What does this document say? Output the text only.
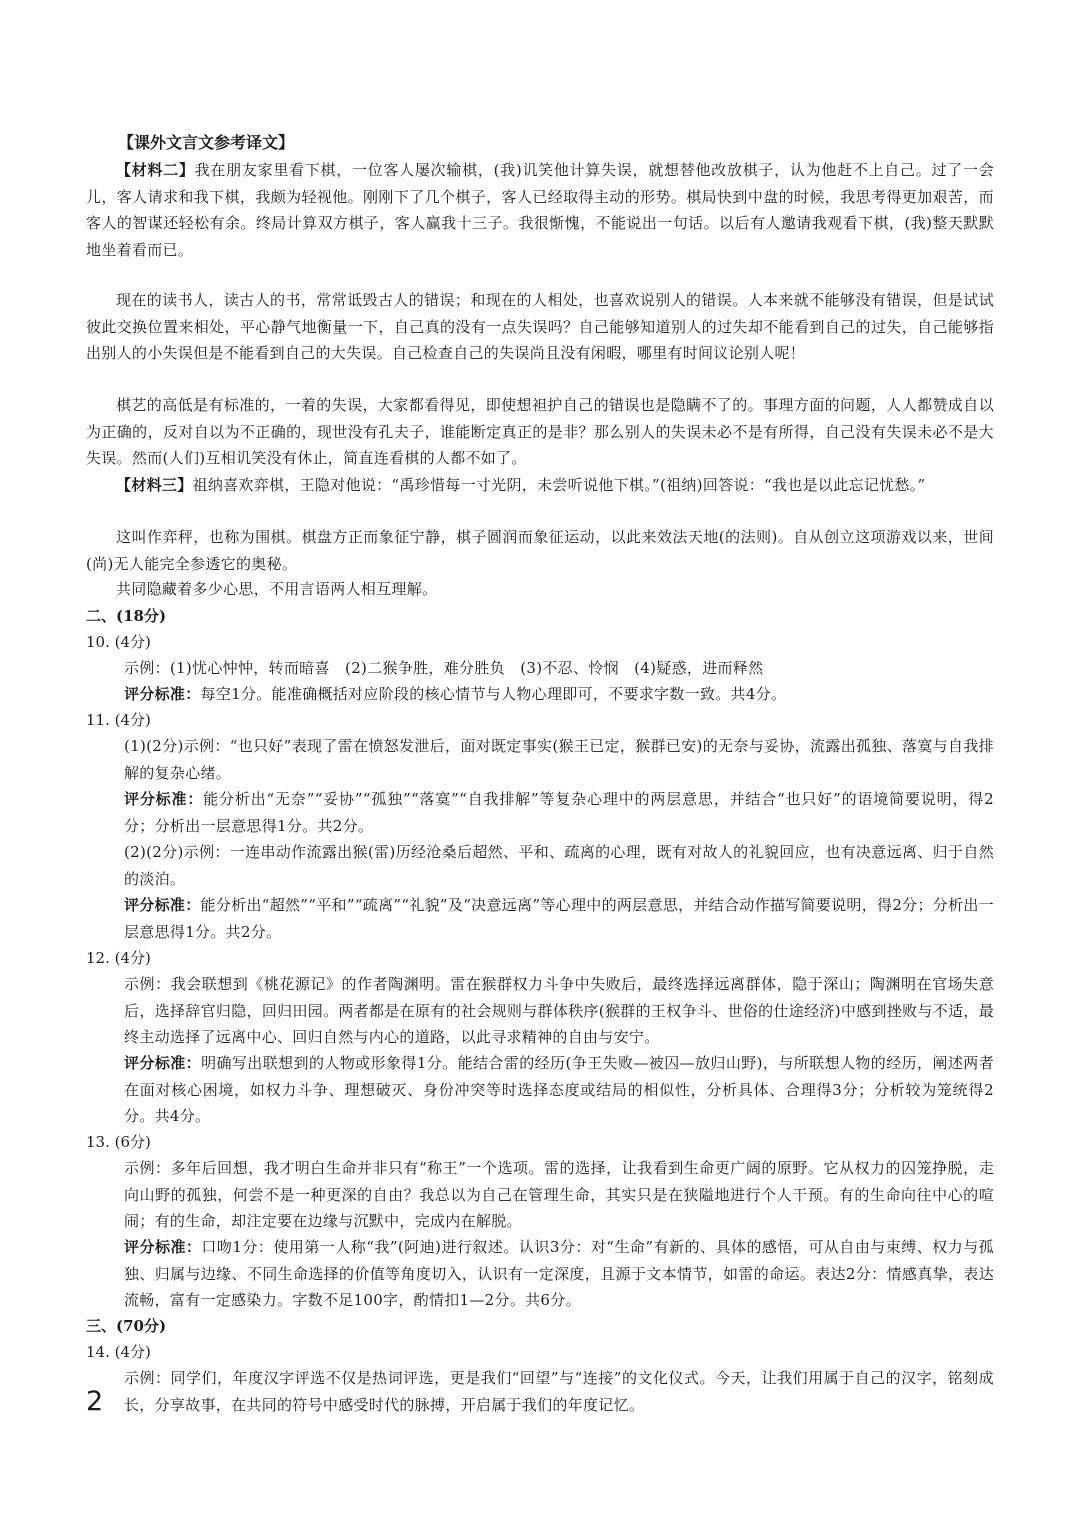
【课外文言文参考译文】

【材料二】我在朋友家里看下棋，一位客人屡次输棋，(我)讥笑他计算失误，就想替他改放棋子，认为他赶不上自己。过了一会儿，客人请求和我下棋，我颇为轻视他。刚刚下了几个棋子，客人已经取得主动的形势。棋局快到中盘的时候，我思考得更加艰苦，而客人的智谋还轻松有余。终局计算双方棋子，客人赢我十三子。我很惭愧，不能说出一句话。以后有人邀请我观看下棋，(我)整天默默地坐着看而已。

现在的读书人，读古人的书，常常诋毁古人的错误；和现在的人相处，也喜欢说别人的错误。人本来就不能够没有错误，但是试试彼此交换位置来相处，平心静气地衡量一下，自己真的没有一点失误吗？自己能够知道别人的过失却不能看到自己的过失，自己能够指出别人的小失误但是不能看到自己的大失误。自己检查自己的失误尚且没有闲暇，哪里有时间议论别人呢！

棋艺的高低是有标准的，一着的失误，大家都看得见，即使想袒护自己的错误也是隐瞒不了的。事理方面的问题，人人都赞成自以为正确的，反对自以为不正确的，现世没有孔夫子，谁能断定真正的是非？那么别人的失误未必不是有所得，自己没有失误未必不是大失误。然而(人们)互相讥笑没有休止，简直连看棋的人都不如了。

【材料三】祖纳喜欢弈棋，王隐对他说：“禹珍惜每一寸光阴，未尝听说他下棋。”(祖纳)回答说：“我也是以此忘记忧愁。”

这叫作弈秤，也称为围棋。棋盘方正而象征宁静，棋子圆润而象征运动，以此来效法天地(的法则)。自从创立这项游戏以来，世间(尚)无人能完全参透它的奥秘。

共同隐藏着多少心思，不用言语两人相互理解。

二、(18分)

10. (4分)

示例：(1)忧心忡忡，转而暗喜　(2)二猴争胜，难分胜负　(3)不忍、怜悯　(4)疑惑，进而释然

评分标准：每空1分。能准确概括对应阶段的核心情节与人物心理即可，不要求字数一致。共4分。

11. (4分)

(1)(2分)示例：“也只好”表现了雷在愤怒发泄后，面对既定事实(猴王已定，猴群已安)的无奈与妥协，流露出孤独、落寞与自我排解的复杂心绪。

评分标准：能分析出“无奈”“妥协”“孤独”“落寞”“自我排解”等复杂心理中的两层意思，并结合“也只好”的语境简要说明，得2分；分析出一层意思得1分。共2分。

(2)(2分)示例：一连串动作流露出猴(雷)历经沧桑后超然、平和、疏离的心理，既有对故人的礼貌回应，也有决意远离、归于自然的淡泊。

评分标准：能分析出“超然”“平和”“疏离”“礼貌”及“决意远离”等心理中的两层意思，并结合动作描写简要说明，得2分；分析出一层意思得1分。共2分。

12. (4分)

示例：我会联想到《桃花源记》的作者陶渊明。雷在猴群权力斗争中失败后，最终选择远离群体，隐于深山；陶渊明在官场失意后，选择辞官归隐，回归田园。两者都是在原有的社会规则与群体秩序(猴群的王权争斗、世俗的仕途经济)中感到挫败与不适，最终主动选择了远离中心、回归自然与内心的道路，以此寻求精神的自由与安宁。

评分标准：明确写出联想到的人物或形象得1分。能结合雷的经历(争王失败—被囚—放归山野)，与所联想人物的经历，阐述两者在面对核心困境，如权力斗争、理想破灭、身份冲突等时选择态度或结局的相似性，分析具体、合理得3分；分析较为笼统得2分。共4分。

13. (6分)

示例：多年后回想，我才明白生命并非只有“称王”一个选项。雷的选择，让我看到生命更广阔的原野。它从权力的囚笼挣脱，走向山野的孤独，何尝不是一种更深的自由？我总以为自己在管理生命，其实只是在狭隘地进行个人干预。有的生命向往中心的喧闹；有的生命，却注定要在边缘与沉默中，完成内在解脱。

评分标准：口吻1分：使用第一人称“我”(阿迪)进行叙述。认识3分：对“生命”有新的、具体的感悟，可从自由与束缚、权力与孤独、归属与边缘、不同生命选择的价值等角度切入，认识有一定深度，且源于文本情节，如雷的命运。表达2分：情感真挚，表达流畅，富有一定感染力。字数不足100字，酌情扣1—2分。共6分。

三、(70分)

14. (4分)

示例：同学们，年度汉字评选不仅是热词评选，更是我们“回望”与“连接”的文化仪式。今天，让我们用属于自己的汉字，铭刻成长，分享故事，在共同的符号中感受时代的脉搏，开启属于我们的年度记忆。

2
